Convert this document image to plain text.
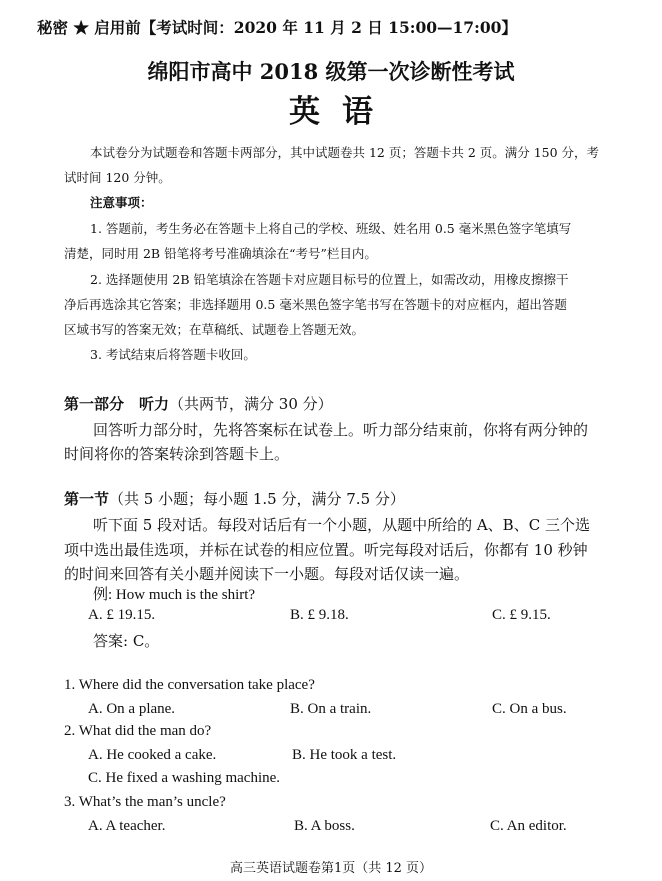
秘密 ★ 启用前【考试时间：2020 年 11 月 2 日 15:00—17:00】
绵阳市高中 2018 级第一次诊断性考试
英语
本试卷分为试题卷和答题卡两部分，其中试题卷共 12 页；答题卡共 2 页。满分 150 分，考
试时间 120 分钟。
注意事项：
1. 答题前，考生务必在答题卡上将自己的学校、班级、姓名用 0.5 毫米黑色签字笔填写
清楚，同时用 2B 铅笔将考号准确填涂在“考号”栏目内。
2. 选择题使用 2B 铅笔填涂在答题卡对应题目标号的位置上，如需改动，用橡皮擦擦干
净后再选涂其它答案；非选择题用 0.5 毫米黑色签字笔书写在答题卡的对应框内，超出答题
区域书写的答案无效；在草稿纸、试题卷上答题无效。
3. 考试结束后将答题卡收回。
第一部分　听力（共两节，满分 30 分）
回答听力部分时，先将答案标在试卷上。听力部分结束前，你将有两分钟的
时间将你的答案转涂到答题卡上。
第一节（共 5 小题；每小题 1.5 分，满分 7.5 分）
听下面 5 段对话。每段对话后有一个小题，从题中所给的 A、B、C 三个选
项中选出最佳选项，并标在试卷的相应位置。听完每段对话后，你都有 10 秒钟
的时间来回答有关小题并阅读下一小题。每段对话仅读一遍。
例: How much is the shirt?
A. £ 19.15.	B. £ 9.18.	C. £ 9.15.
答案: C。
1. Where did the conversation take place?
A. On a plane.	B. On a train.	C. On a bus.
2. What did the man do?
A. He cooked a cake.	B. He took a test.
C. He fixed a washing machine.
3. What’s the man’s uncle?
A. A teacher.	B. A boss.	C. An editor.
高三英语试题卷第1页（共 12 页）
